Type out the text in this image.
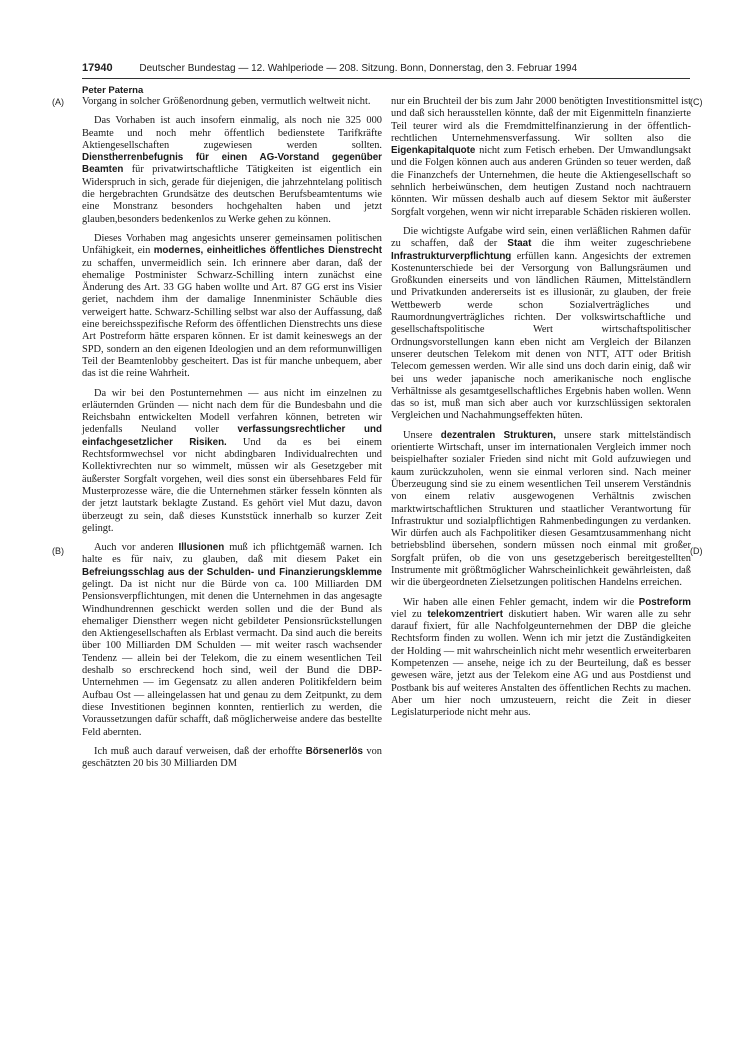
17940	Deutscher Bundestag — 12. Wahlperiode — 208. Sitzung. Bonn, Donnerstag, den 3. Februar 1994
Peter Paterna
(A)
(B)
(C)
(D)

Vorgang in solcher Größenordnung geben, vermutlich weltweit nicht.

Das Vorhaben ist auch insofern einmalig, als noch nie 325 000 Beamte und noch mehr öffentlich bedienstete Tarifkräfte Aktiengesellschaften zugewiesen werden sollten. Dienstherrenbefugnis für einen AG-Vorstand gegenüber Beamten für privatwirtschaftliche Tätigkeiten ist eigentlich ein Widerspruch in sich, gerade für diejenigen, die jahrzehntelang politisch die hergebrachten Grundsätze des deutschen Berufsbeamtentums wie eine Monstranz besonders hochgehalten haben und jetzt glauben,besonders bedenkenlos zu Werke gehen zu können.

Dieses Vorhaben mag angesichts unserer gemeinsamen politischen Unfähigkeit, ein modernes, einheitliches öffentliches Dienstrecht zu schaffen, unvermeidlich sein. Ich erinnere aber daran, daß der ehemalige Postminister Schwarz-Schilling intern zunächst eine Änderung des Art. 33 GG haben wollte und Art. 87 GG erst ins Visier geriet, nachdem ihm der damalige Innenminister Schäuble dies verweigert hatte. Schwarz-Schilling selbst war also der Auffassung, daß eine bereichsspezifische Reform des öffentlichen Dienstrechts uns diese Art Postreform hätte ersparen können. Er ist damit keineswegs an der SPD, sondern an den eigenen Ideologien und an dem reformunwilligen Teil der Beamtenlobby gescheitert. Das ist für manche unbequem, aber das ist die reine Wahrheit.

Da wir bei den Postunternehmen — aus nicht im einzelnen zu erläuternden Gründen — nicht nach dem für die Bundesbahn und die Reichsbahn entwickelten Modell verfahren können, betreten wir jedenfalls Neuland voller verfassungsrechtlicher und einfachgesetzlicher Risiken. Und da es bei einem Rechtsformwechsel vor nicht abdingbaren Individualrechten und Kollektivrechten nur so wimmelt, müssen wir als Gesetzgeber mit äußerster Sorgfalt vorgehen, weil dies sonst ein übersehbares Feld für Musterprozesse wäre, die die Unternehmen stärker fesseln könnten als der jetzt lautstark beklagte Zustand. Es gehört viel Mut dazu, davon überzeugt zu sein, daß dieses Kunststück innerhalb so kurzer Zeit gelingt.

Auch vor anderen Illusionen muß ich pflichtgemäß warnen. Ich halte es für naiv, zu glauben, daß mit diesem Paket ein Befreiungsschlag aus der Schulden- und Finanzierungsklemme gelingt. Da ist nicht nur die Bürde von ca. 100 Milliarden DM Pensionsverpflichtungen, mit denen die Unternehmen in das angesagte Windhundrennen geschickt werden sollen und die der Bund als ehemaliger Dienstherr wegen nicht gebildeter Pensionsrückstellungen den Aktiengesellschaften als Erblast vermacht. Da sind auch die bereits über 100 Milliarden DM Schulden — mit weiter rasch wachsender Tendenz — allein bei der Telekom, die zu einem wesentlichen Teil deshalb so erschreckend hoch sind, weil der Bund die DBP-Unternehmen — im Gegensatz zu allen anderen Politikfeldern beim Aufbau Ost — alleingelassen hat und genau zu dem Zeitpunkt, zu dem diese Investitionen beginnen konnten, rentierlich zu werden, die Voraussetzungen dafür schafft, daß möglicherweise andere das bestellte Feld abernten.

Ich muß auch darauf verweisen, daß der erhoffte Börsenerlös von geschätzten 20 bis 30 Milliarden DM

nur ein Bruchteil der bis zum Jahr 2000 benötigten Investitionsmittel ist und daß sich herausstellen könnte, daß der mit Eigenmitteln finanzierte Teil teurer wird als die Fremdmittelfinanzierung in der öffentlich-rechtlichen Unternehmensverfassung. Wir sollten also die Eigenkapitalquote nicht zum Fetisch erheben. Der Umwandlungsakt und die Folgen können auch aus anderen Gründen so teuer werden, daß die Finanzchefs der Unternehmen, die heute die Aktiengesellschaft so sehnlich herbeiwünschen, dem heutigen Zustand noch nachtrauern könnten. Wir müssen deshalb auch auf diesem Sektor mit äußerster Sorgfalt vorgehen, wenn wir nicht irreparable Schäden riskieren wollen.

Die wichtigste Aufgabe wird sein, einen verläßlichen Rahmen dafür zu schaffen, daß der Staat die ihm weiter zugeschriebene Infrastrukturverpflichtung erfüllen kann. Angesichts der extremen Kostenunterschiede bei der Versorgung von Ballungsräumen und Großkunden einerseits und von ländlichen Räumen, Mittelständlern und Privatkunden andererseits ist es illusionär, zu glauben, der freie Wettbewerb werde schon Sozialverträgliches und Raumordnungverträgliches richten. Der volkswirtschaftliche und gesellschaftspolitische Wert wirtschaftspolitischer Ordnungsvorstellungen kann eben nicht am Vergleich der Bilanzen unserer deutschen Telekom mit denen von NTT, ATT oder British Telecom gemessen werden. Wir alle sind uns doch darin einig, daß wir bei uns weder japanische noch amerikanische noch englische Verhältnisse als gesamtgesellschaftliches Ergebnis haben wollen. Wenn das so ist, muß man sich aber auch vor kurzschlüssigen sektoralen Vergleichen und Nachahmungseffekten hüten.

Unsere dezentralen Strukturen, unsere stark mittelständisch orientierte Wirtschaft, unser im internationalen Vergleich immer noch beispielhafter sozialer Frieden sind nicht mit Gold aufzuwiegen und kaum zurückzuholen, wenn sie einmal verloren sind. Nach meiner Überzeugung sind sie zu einem wesentlichen Teil unserem Verständnis von einem relativ ausgewogenen Verhältnis zwischen marktwirtschaftlichen Strukturen und staatlicher Verantwortung für Infrastruktur und sozialpflichtigen Rahmenbedingungen zu verdanken. Wir dürfen auch als Fachpolitiker diesen Gesamtzusammenhang nicht betriebsblind übersehen, sondern müssen noch einmal mit großer Sorgfalt prüfen, ob die von uns gesetzgeberisch bereitgestellten Instrumente mit größtmöglicher Wahrscheinlichkeit gewährleisten, daß wir die übergeordneten Zielsetzungen politischen Handelns erreichen.

Wir haben alle einen Fehler gemacht, indem wir die Postreform viel zu telekomzentriert diskutiert haben. Wir waren alle zu sehr darauf fixiert, für alle Nachfolgeunternehmen der DBP die gleiche Rechtsform finden zu wollen. Wenn ich mir jetzt die Zuständigkeiten der Holding — mit wahrscheinlich nicht mehr wesentlich erweiterbaren Kompetenzen — ansehe, neige ich zu der Beurteilung, daß es besser gewesen wäre, jetzt aus der Telekom eine AG und aus Postdienst und Postbank bis auf weiteres Anstalten des öffentlichen Rechts zu machen. Aber um hier noch umzusteuern, reicht die Zeit in dieser Legislaturperiode nicht mehr aus.
